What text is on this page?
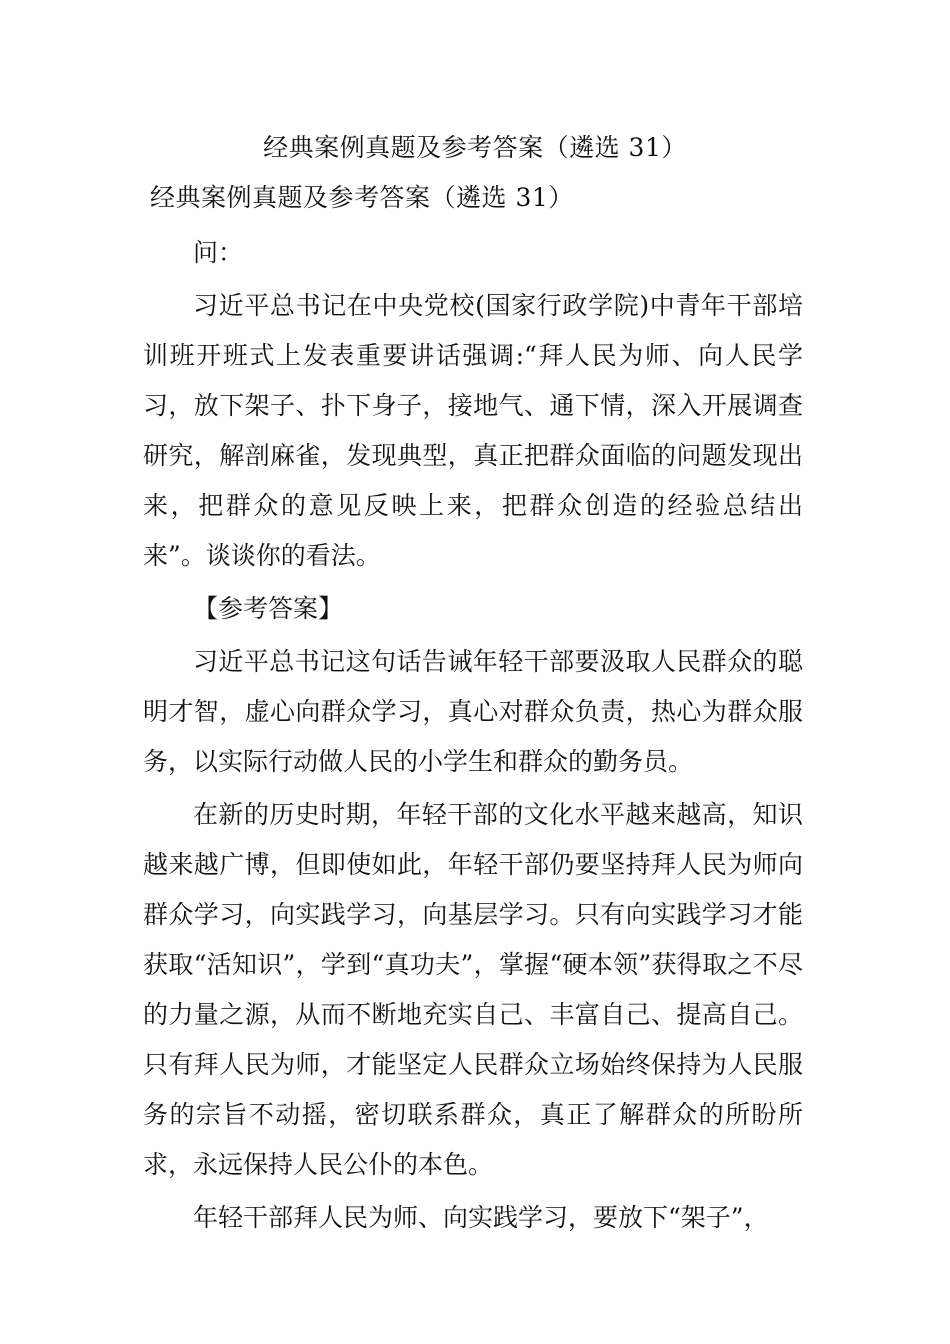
经典案例真题及参考答案（遴选 31）
经典案例真题及参考答案（遴选 31）

问：

习近平总书记在中央党校(国家行政学院)中青年干部培训班开班式上发表重要讲话强调:“拜人民为师、向人民学习，放下架子、扑下身子，接地气、通下情，深入开展调查研究，解剖麻雀，发现典型，真正把群众面临的问题发现出来，把群众的意见反映上来，把群众创造的经验总结出来”。谈谈你的看法。

【参考答案】

习近平总书记这句话告诫年轻干部要汲取人民群众的聪明才智，虚心向群众学习，真心对群众负责，热心为群众服务，以实际行动做人民的小学生和群众的勤务员。

在新的历史时期，年轻干部的文化水平越来越高，知识越来越广博，但即使如此，年轻干部仍要坚持拜人民为师向群众学习，向实践学习，向基层学习。只有向实践学习才能获取“活知识”，学到“真功夫”，掌握“硬本领”获得取之不尽的力量之源，从而不断地充实自己、丰富自己、提高自己。只有拜人民为师，才能坚定人民群众立场始终保持为人民服务的宗旨不动摇，密切联系群众，真正了解群众的所盼所求，永远保持人民公仆的本色。

年轻干部拜人民为师、向实践学习，要放下“架子”，
